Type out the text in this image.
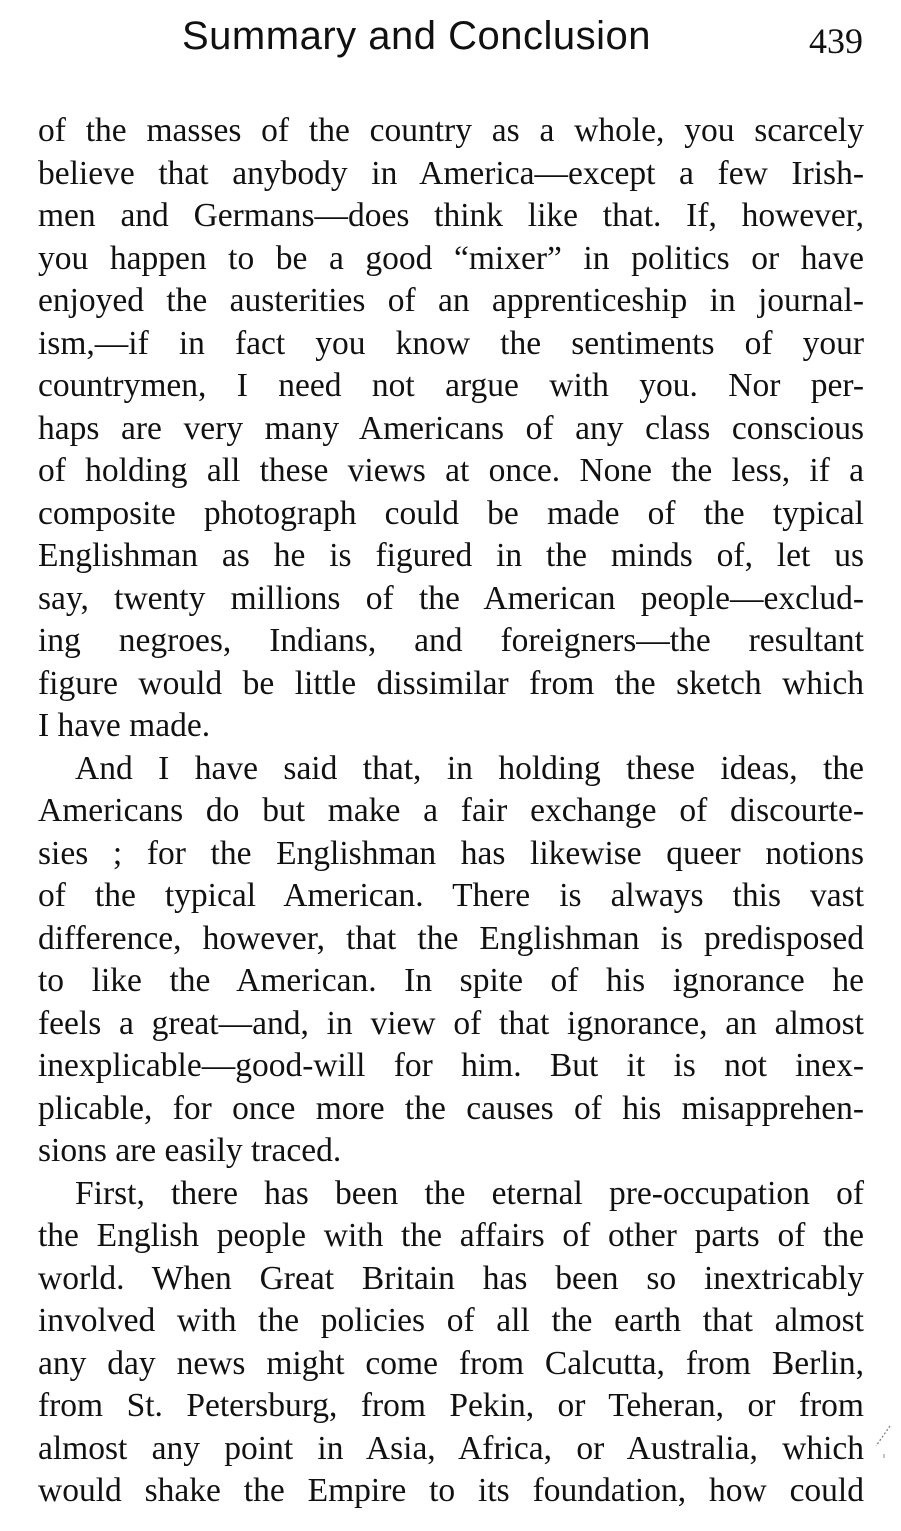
Summary and Conclusion	439
of the masses of the country as a whole, you scarcely
believe that anybody in America—except a few Irish-
men and Germans—does think like that. If, however,
you happen to be a good “mixer” in politics or have
enjoyed the austerities of an apprenticeship in journal-
ism,—if in fact you know the sentiments of your
countrymen, I need not argue with you. Nor per-
haps are very many Americans of any class conscious
of holding all these views at once. None the less, if a
composite photograph could be made of the typical
Englishman as he is figured in the minds of, let us
say, twenty millions of the American people—exclud-
ing negroes, Indians, and foreigners—the resultant
figure would be little dissimilar from the sketch which
I have made.
And I have said that, in holding these ideas, the
Americans do but make a fair exchange of discourte-
sies ; for the Englishman has likewise queer notions
of the typical American. There is always this vast
difference, however, that the Englishman is predisposed
to like the American. In spite of his ignorance he
feels a great—and, in view of that ignorance, an almost
inexplicable—good-will for him. But it is not inex-
plicable, for once more the causes of his misapprehen-
sions are easily traced.
First, there has been the eternal pre-occupation of
the English people with the affairs of other parts of the
world. When Great Britain has been so inextricably
involved with the policies of all the earth that almost
any day news might come from Calcutta, from Berlin,
from St. Petersburg, from Pekin, or Teheran, or from
almost any point in Asia, Africa, or Australia, which
would shake the Empire to its foundation, how could
